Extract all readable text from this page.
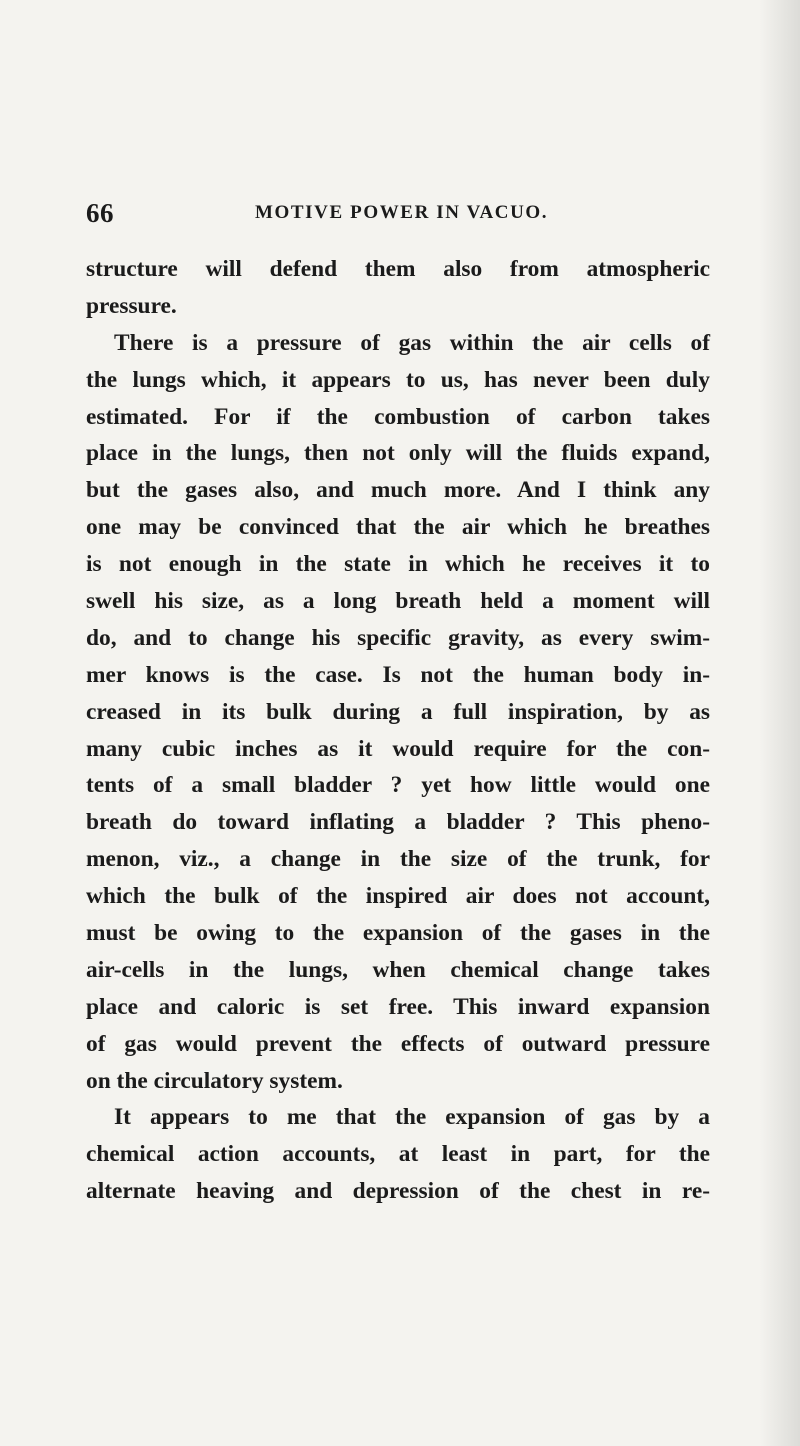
66	MOTIVE POWER IN VACUO.
structure will defend them also from atmospheric
pressure.
There is a pressure of gas within the air cells of
the lungs which, it appears to us, has never been duly
estimated. For if the combustion of carbon takes
place in the lungs, then not only will the fluids expand,
but the gases also, and much more. And I think any
one may be convinced that the air which he breathes
is not enough in the state in which he receives it to
swell his size, as a long breath held a moment will
do, and to change his specific gravity, as every swim-
mer knows is the case. Is not the human body in-
creased in its bulk during a full inspiration, by as
many cubic inches as it would require for the con-
tents of a small bladder ? yet how little would one
breath do toward inflating a bladder ? This pheno-
menon, viz., a change in the size of the trunk, for
which the bulk of the inspired air does not account,
must be owing to the expansion of the gases in the
air-cells in the lungs, when chemical change takes
place and caloric is set free. This inward expansion
of gas would prevent the effects of outward pressure
on the circulatory system.
It appears to me that the expansion of gas by a
chemical action accounts, at least in part, for the
alternate heaving and depression of the chest in re-
